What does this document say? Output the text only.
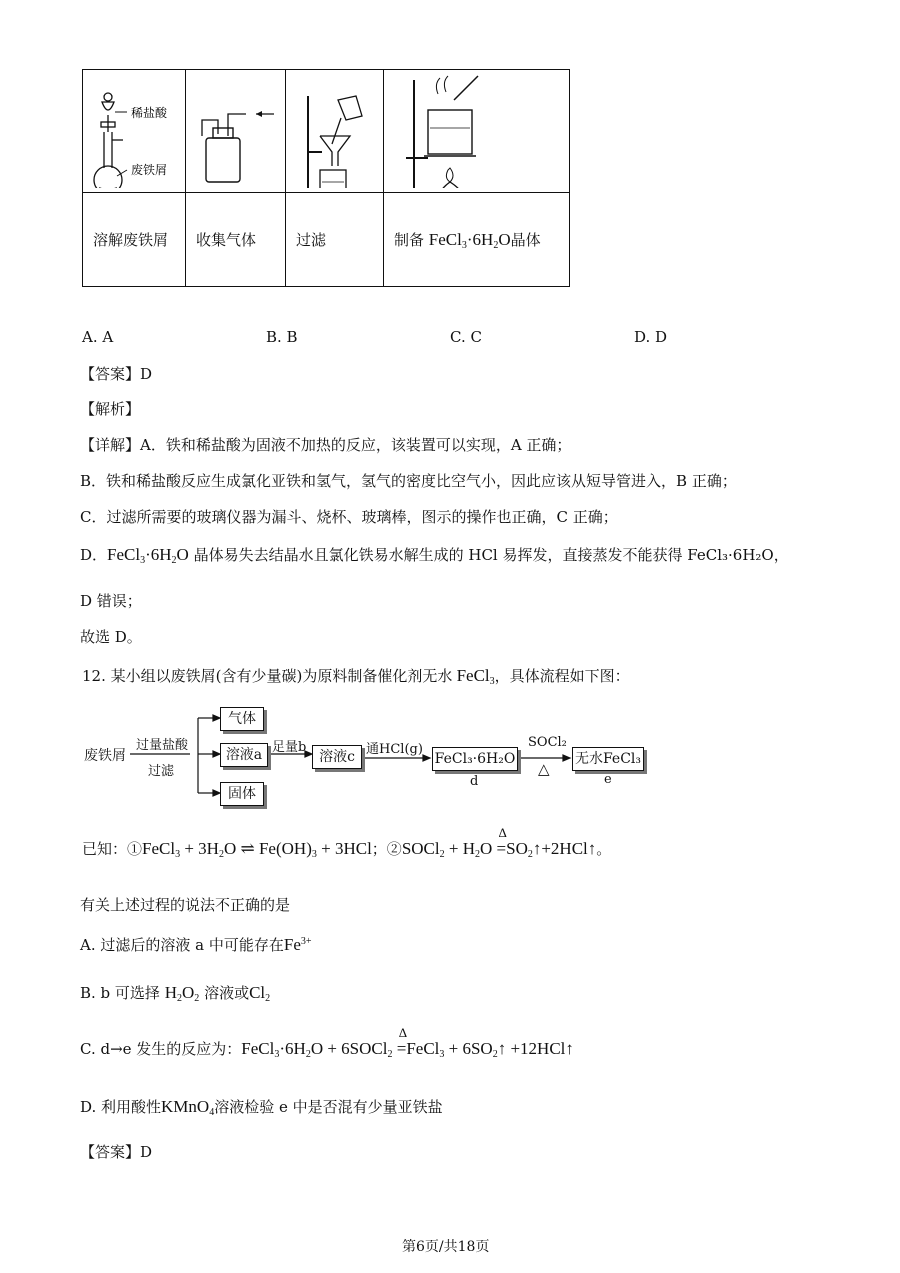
稀盐酸
废铁屑

溶解废铁屑	收集气体	过滤	制备 $FeCl_3\cdot 6H_2O$晶体
A. A	B. B	C. C	D. D
【答案】D
【解析】
【详解】A．铁和稀盐酸为固液不加热的反应，该装置可以实现，A 正确；
B．铁和稀盐酸反应生成氯化亚铁和氢气，氢气的密度比空气小，因此应该从短导管进入，B 正确；
C．过滤所需要的玻璃仪器为漏斗、烧杯、玻璃棒，图示的操作也正确，C 正确；
D．$FeCl_3\cdot 6H_2O$ 晶体易失去结晶水且氯化铁易水解生成的 HCl 易挥发，直接蒸发不能获得 FeCl₃·6H₂O，
D 错误；
故选 D。
12. 某小组以废铁屑(含有少量碳)为原料制备催化剂无水 FeCl$_3$，具体流程如下图：
废铁屑
过量盐酸
过滤
气体
溶液a
固体
足量b
溶液c 通HCl(g)
FeCl₃·6H₂O
d
SOCl₂
△
无水FeCl₃
e
已知：①FeCl$_3$ + $3H_2O$ ⇌ $Fe(OH)_3 + 3HCl$；②SOCl$_2$ + $H_2O$
Δ
$=SO_2↑+2HCl↑$。
有关上述过程的说法不正确的是
A. 过滤后的溶液 a 中可能存在$Fe^{3+}$
B. b 可选择 $H_2O_2$ 溶液或$Cl_2$
C. d→e 发生的反应为：$FeCl_3\cdot 6H_2O$ + 6SOCl$_2$
Δ
=FeCl$_3$ + $6SO_2↑$ +12HCl↑
D. 利用酸性KMnO$_4$溶液检验 e 中是否混有少量亚铁盐
【答案】D
第6页/共18页
